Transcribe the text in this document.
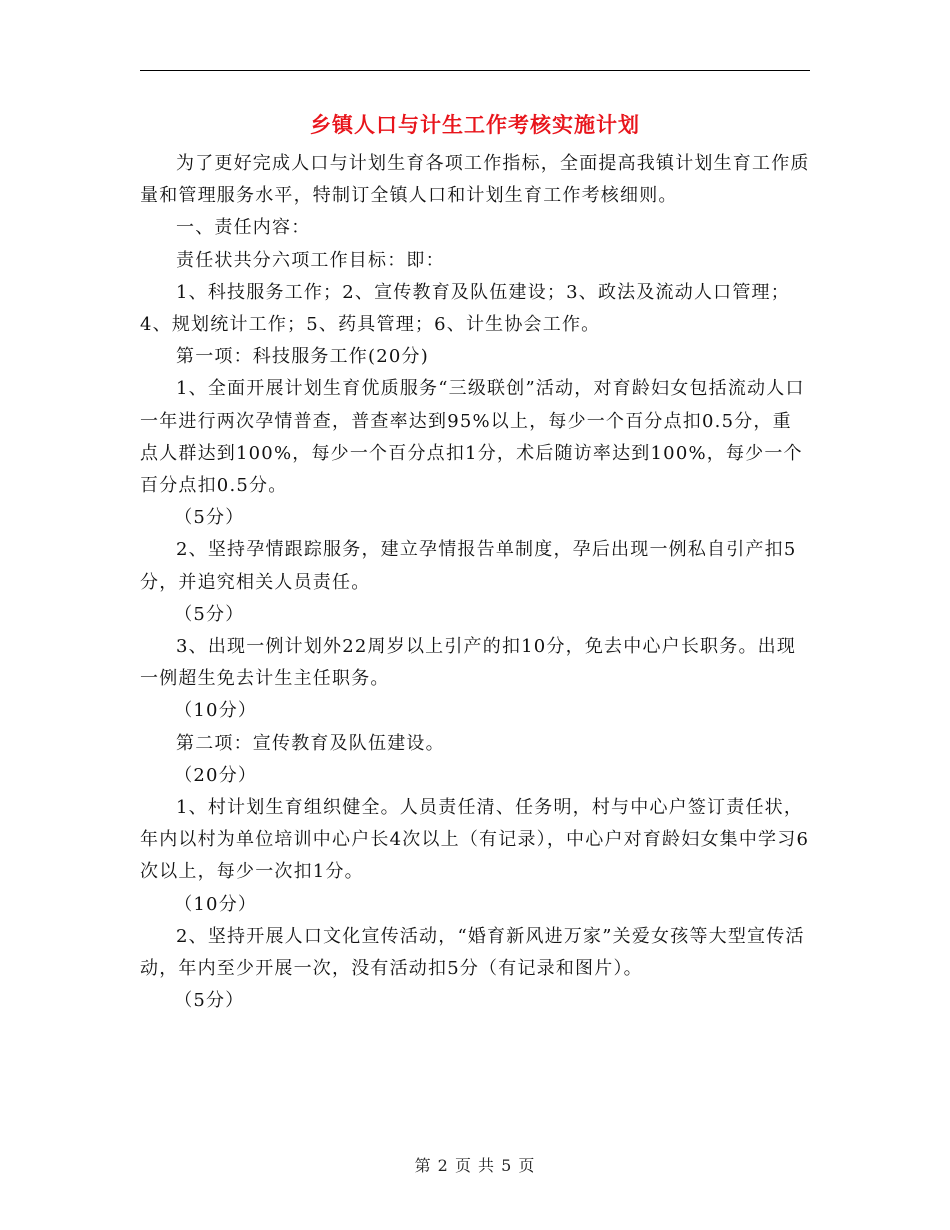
乡镇人口与计生工作考核实施计划

为了更好完成人口与计划生育各项工作指标，全面提高我镇计划生育工作质量和管理服务水平，特制订全镇人口和计划生育工作考核细则。

一、责任内容：

责任状共分六项工作目标：即：

1、科技服务工作；2、宣传教育及队伍建设；3、政法及流动人口管理；4、规划统计工作；5、药具管理；6、计生协会工作。

第一项：科技服务工作(20分)

1、全面开展计划生育优质服务“三级联创”活动，对育龄妇女包括流动人口一年进行两次孕情普查，普查率达到95%以上，每少一个百分点扣0.5分，重点人群达到100%，每少一个百分点扣1分，术后随访率达到100%，每少一个百分点扣0.5分。

（5分）

2、坚持孕情跟踪服务，建立孕情报告单制度，孕后出现一例私自引产扣5分，并追究相关人员责任。

（5分）

3、出现一例计划外22周岁以上引产的扣10分，免去中心户长职务。出现一例超生免去计生主任职务。

（10分）

第二项：宣传教育及队伍建设。

（20分）

1、村计划生育组织健全。人员责任清、任务明，村与中心户签订责任状，年内以村为单位培训中心户长4次以上（有记录），中心户对育龄妇女集中学习6次以上，每少一次扣1分。

（10分）

2、坚持开展人口文化宣传活动，“婚育新风进万家”关爱女孩等大型宣传活动，年内至少开展一次，没有活动扣5分（有记录和图片）。

（5分）

第 2 页 共 5 页
